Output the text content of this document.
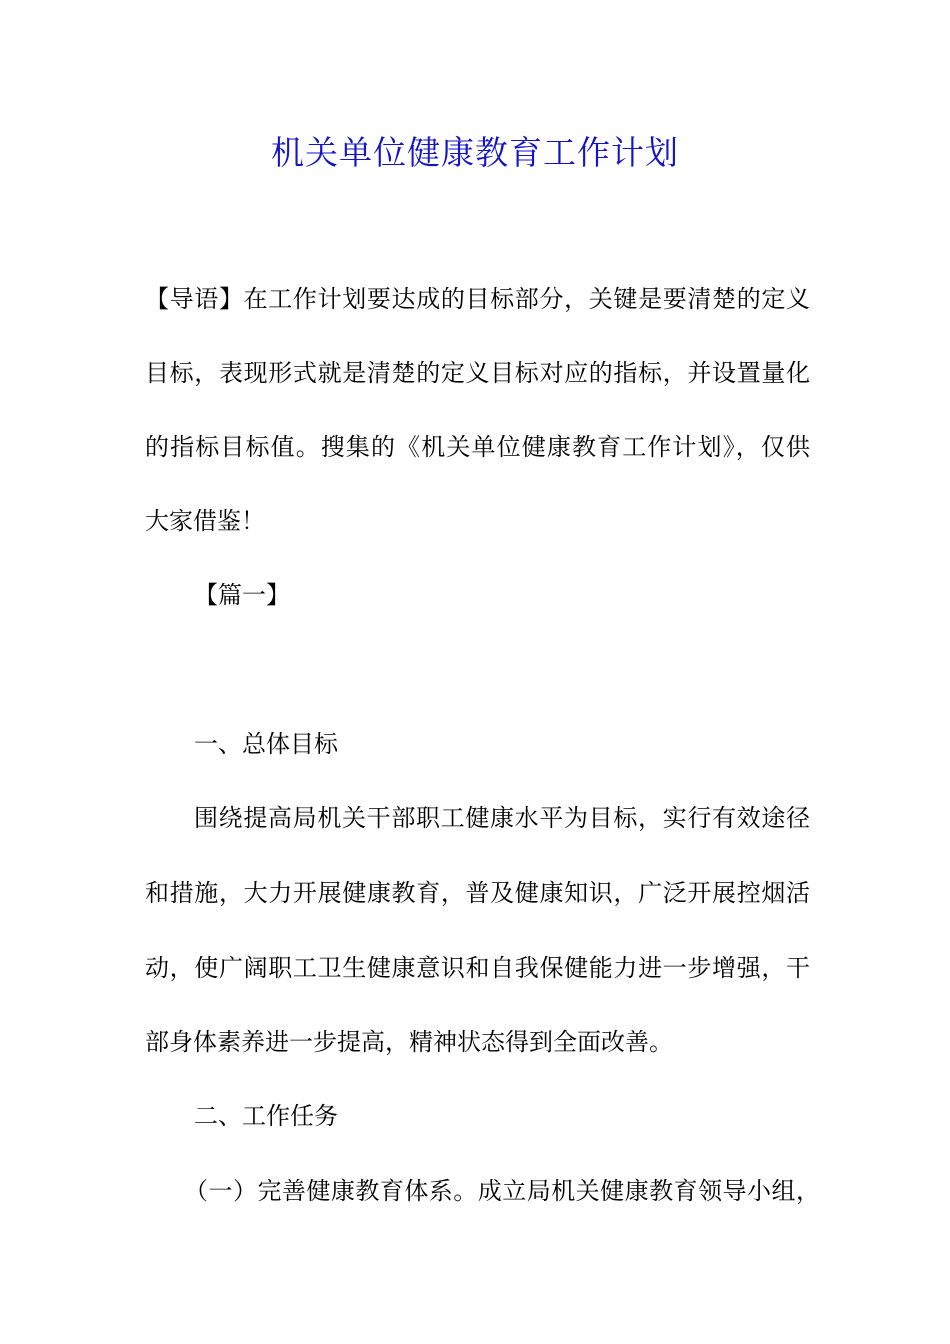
机关单位健康教育工作计划
【导语】在工作计划要达成的目标部分，关键是要清楚的定义
目标，表现形式就是清楚的定义目标对应的指标，并设置量化
的指标目标值。搜集的《机关单位健康教育工作计划》，仅供
大家借鉴！
【篇一】
一、总体目标
围绕提高局机关干部职工健康水平为目标，实行有效途径
和措施，大力开展健康教育，普及健康知识，广泛开展控烟活
动，使广阔职工卫生健康意识和自我保健能力进一步增强，干
部身体素养进一步提高，精神状态得到全面改善。
二、工作任务
（一）完善健康教育体系。成立局机关健康教育领导小组，
